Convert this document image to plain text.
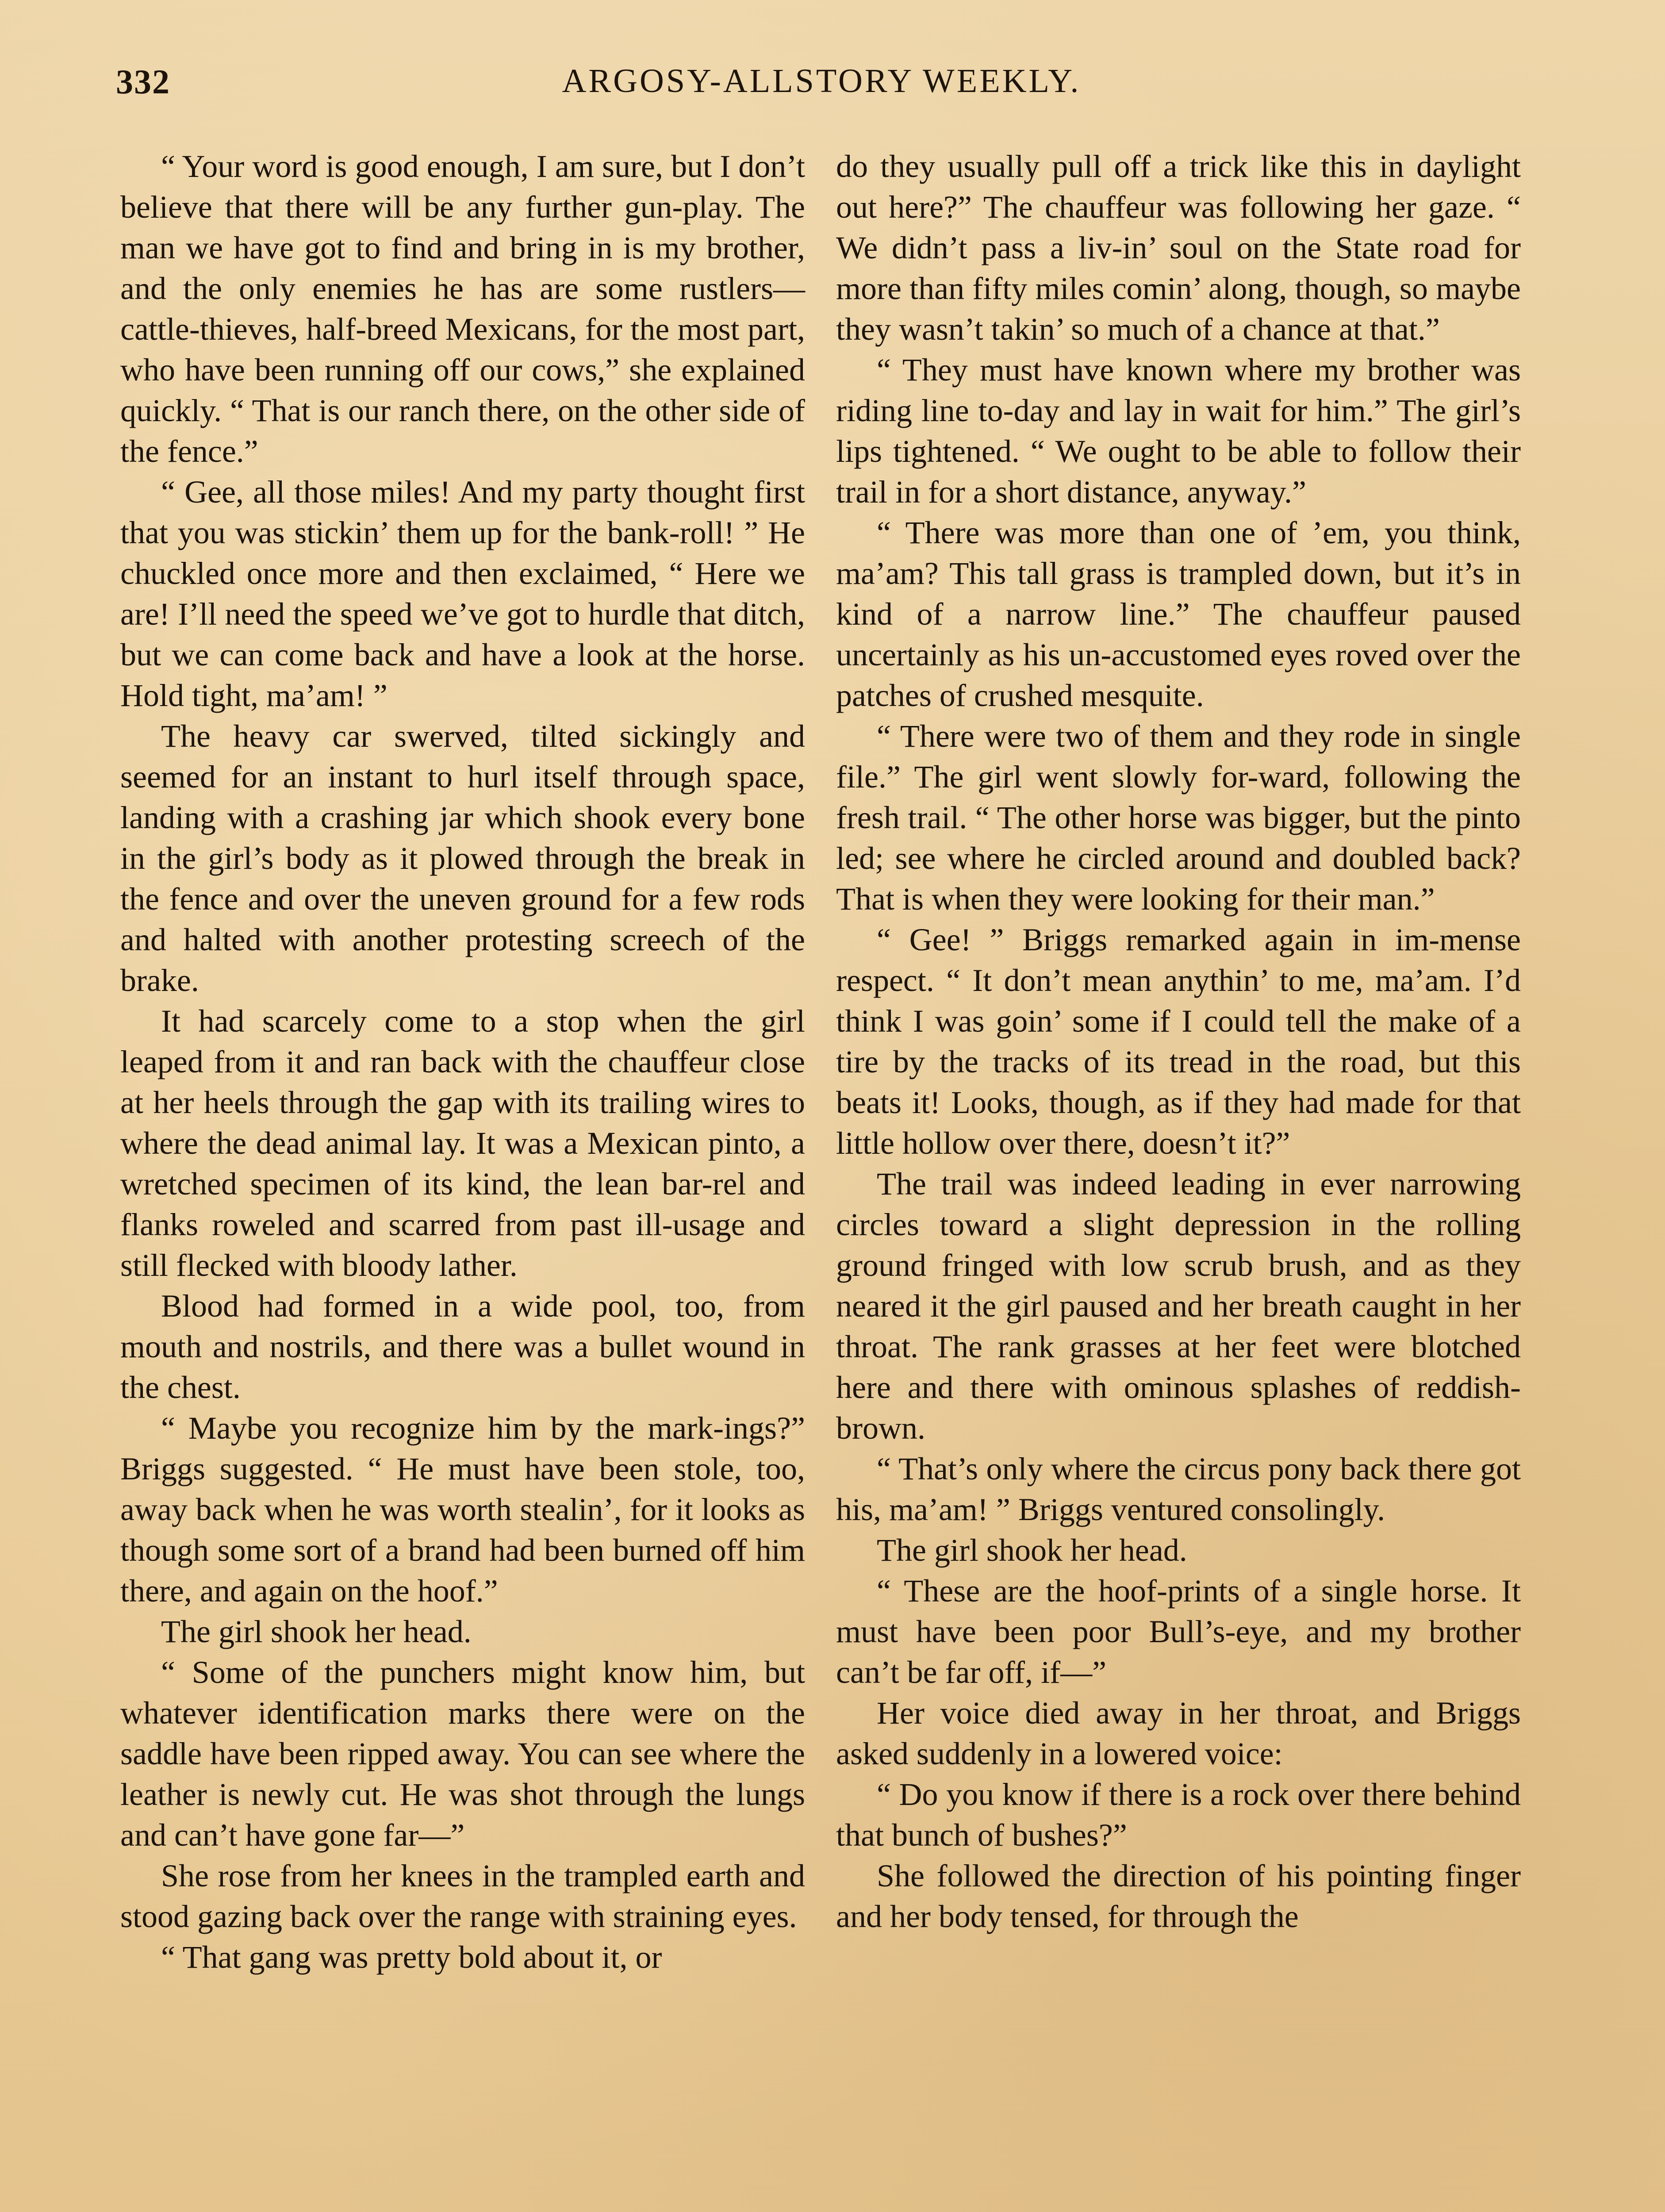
332	ARGOSY-ALLSTORY WEEKLY.

“ Your word is good enough, I am sure, but I don’t believe that there will be any further gun-play. The man we have got to find and bring in is my brother, and the only enemies he has are some rustlers—cattle-thieves, half-breed Mexicans, for the most part, who have been running off our cows,” she explained quickly. “ That is our ranch there, on the other side of the fence.”

“ Gee, all those miles! And my party thought first that you was stickin’ them up for the bank-roll! ” He chuckled once more and then exclaimed, “ Here we are! I’ll need the speed we’ve got to hurdle that ditch, but we can come back and have a look at the horse. Hold tight, ma’am! ”

The heavy car swerved, tilted sickingly and seemed for an instant to hurl itself through space, landing with a crashing jar which shook every bone in the girl’s body as it plowed through the break in the fence and over the uneven ground for a few rods and halted with another protesting screech of the brake.

It had scarcely come to a stop when the girl leaped from it and ran back with the chauffeur close at her heels through the gap with its trailing wires to where the dead animal lay. It was a Mexican pinto, a wretched specimen of its kind, the lean bar-rel and flanks roweled and scarred from past ill-usage and still flecked with bloody lather.

Blood had formed in a wide pool, too, from mouth and nostrils, and there was a bullet wound in the chest.

“ Maybe you recognize him by the mark-ings?” Briggs suggested. “ He must have been stole, too, away back when he was worth stealin’, for it looks as though some sort of a brand had been burned off him there, and again on the hoof.”

The girl shook her head.

“ Some of the punchers might know him, but whatever identification marks there were on the saddle have been ripped away. You can see where the leather is newly cut. He was shot through the lungs and can’t have gone far—”

She rose from her knees in the trampled earth and stood gazing back over the range with straining eyes.

“ That gang was pretty bold about it, or

do they usually pull off a trick like this in daylight out here?” The chauffeur was following her gaze. “ We didn’t pass a liv-in’ soul on the State road for more than fifty miles comin’ along, though, so maybe they wasn’t takin’ so much of a chance at that.”

“ They must have known where my brother was riding line to-day and lay in wait for him.” The girl’s lips tightened. “ We ought to be able to follow their trail in for a short distance, anyway.”

“ There was more than one of ’em, you think, ma’am? This tall grass is trampled down, but it’s in kind of a narrow line.” The chauffeur paused uncertainly as his un-accustomed eyes roved over the patches of crushed mesquite.

“ There were two of them and they rode in single file.” The girl went slowly for-ward, following the fresh trail. “ The other horse was bigger, but the pinto led; see where he circled around and doubled back? That is when they were looking for their man.”

“ Gee! ” Briggs remarked again in im-mense respect. “ It don’t mean anythin’ to me, ma’am. I’d think I was goin’ some if I could tell the make of a tire by the tracks of its tread in the road, but this beats it! Looks, though, as if they had made for that little hollow over there, doesn’t it?”

The trail was indeed leading in ever narrowing circles toward a slight depression in the rolling ground fringed with low scrub brush, and as they neared it the girl paused and her breath caught in her throat. The rank grasses at her feet were blotched here and there with ominous splashes of reddish-brown.

“ That’s only where the circus pony back there got his, ma’am! ” Briggs ventured consolingly.

The girl shook her head.

“ These are the hoof-prints of a single horse. It must have been poor Bull’s-eye, and my brother can’t be far off, if—”

Her voice died away in her throat, and Briggs asked suddenly in a lowered voice:

“ Do you know if there is a rock over there behind that bunch of bushes?”

She followed the direction of his pointing finger and her body tensed, for through the
